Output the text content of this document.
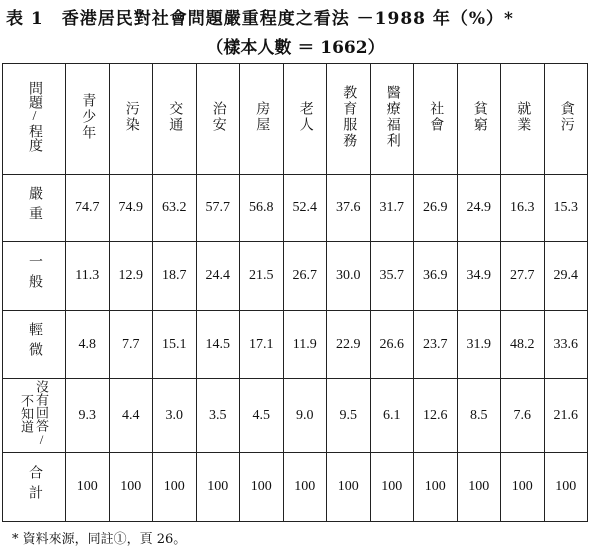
表 1　香港居民對社會問題嚴重程度之看法 －1988 年（%）*
（樣本人數 ＝ 1662）
問題/程度	青少年	污染	交通	治安	房屋	老人	教育服務	醫療福利	社會	貧窮	就業	貪污
嚴重	74.7	74.9	63.2	57.7	56.8	52.4	37.6	31.7	26.9	24.9	16.3	15.3
一般	11.3	12.9	18.7	24.4	21.5	26.7	30.0	35.7	36.9	34.9	27.7	29.4
輕微	4.8	7.7	15.1	14.5	17.1	11.9	22.9	26.6	23.7	31.9	48.2	33.6
沒有回答/不知道	9.3	4.4	3.0	3.5	4.5	9.0	9.5	6.1	12.6	8.5	7.6	21.6
合計	100	100	100	100	100	100	100	100	100	100	100	100
* 資料來源，同註①，頁 26。
